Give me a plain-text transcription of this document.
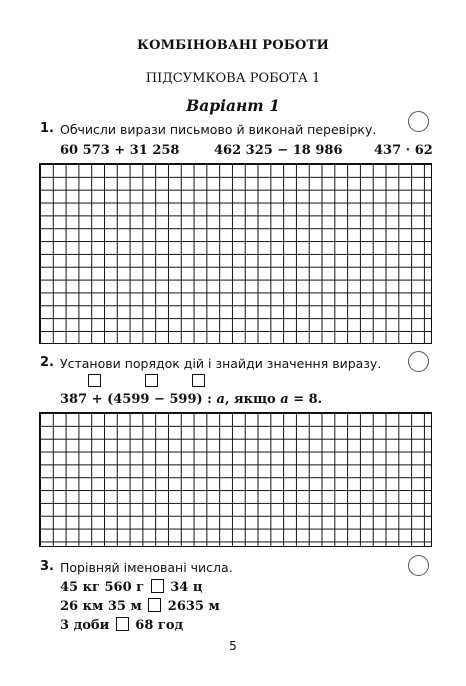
КОМБІНОВАНІ РОБОТИ
ПІДСУМКОВА РОБОТА 1
Варіант 1
1. Обчисли вирази письмово й виконай перевірку.
60 573 + 31 258	462 325 − 18 986 437 · 62
2. Установи порядок дій і знайди значення виразу.
387 + (4599 − 599) : a, якщо a = 8.
3. Порівняй іменовані числа.
45 кг 560 г 34 ц
26 км 35 м 2635 м
3 доби 68 год
5
